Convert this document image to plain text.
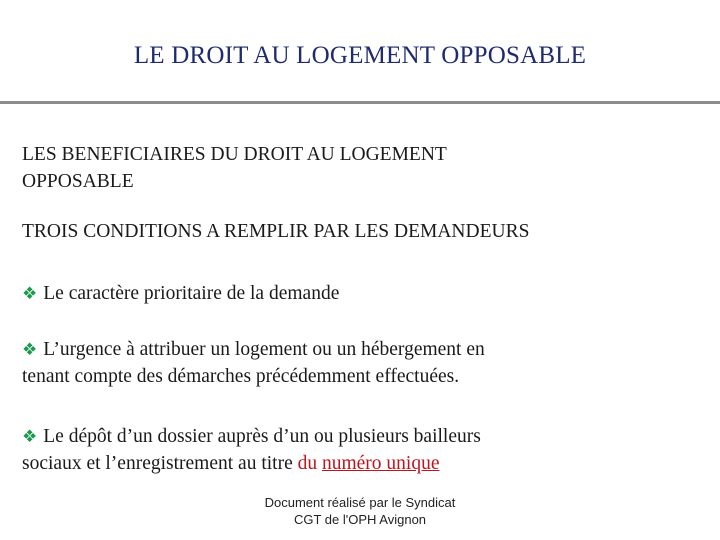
LE DROIT AU LOGEMENT OPPOSABLE
LES BENEFICIAIRES DU DROIT AU LOGEMENT
OPPOSABLE
TROIS CONDITIONS A REMPLIR PAR LES DEMANDEURS
❖ Le caractère prioritaire de la demande
❖ L’urgence à attribuer un logement ou un hébergement en
tenant compte des démarches précédemment effectuées.
❖ Le dépôt d’un dossier auprès d’un ou plusieurs bailleurs
sociaux et l’enregistrement au titre du numéro unique
Document réalisé par le Syndicat
CGT de l'OPH Avignon
